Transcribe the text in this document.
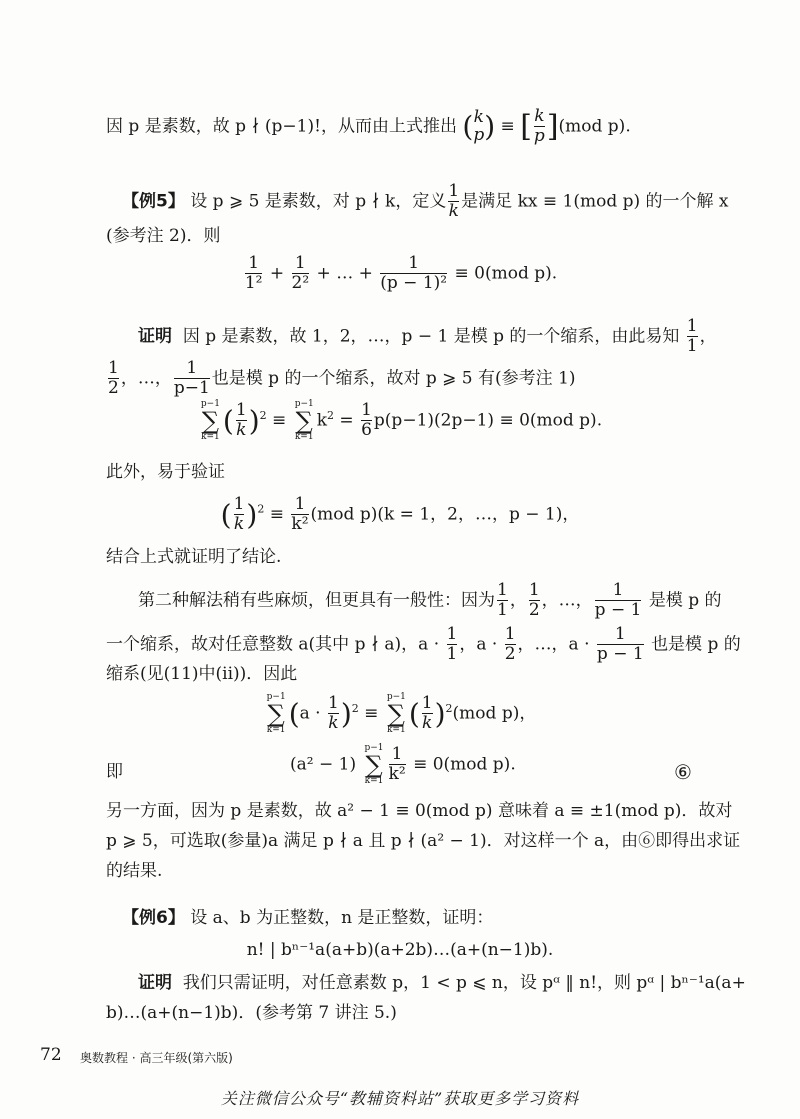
因 p 是素数，故 p ∤ (p−1)!，从而由上式推出 ( k
p ) ≡ [ $\frac{k}{p} ](mod$ p).
【例5】 设 p ⩾ 5 是素数，对 p ∤ k，定义 $\frac{1}{k}$ 是满足 kx ≡ 1(mod p) 的一个解 x
(参考注 2)．则
$\frac{1}{\text{1²}} + \frac{1}{\text{2²}}$ + … + $\frac{1}{\text{(p − 1)²}} \equiv 0(mod$ p).
证明 因 p 是素数，故 1，2，…，p − 1 是模 p 的一个缩系，由此易知 $\frac{1}{1}$ ，
$\frac{1}{2}$ ，…， $\frac{1}{p-1}$ 也是模 p 的一个缩系，故对 p ⩾ 5 有(参考注 1)
p−1
∑
k=1 ( $\frac{1}{k} )^2$ ≡
p−1
∑
k=1
$k^2 = \frac{1}{6} p(p-1)(2p-1) \equiv 0(mod$ p).
此外，易于验证
( $\frac{1}{k} )^2 \equiv \frac{1}{\text{k²}} (mod$ p)(k = 1，2，…，p − 1)，
结合上式就证明了结论.
第二种解法稍有些麻烦，但更具有一般性：因为 $\frac{1}{1}$ ， $\frac{1}{2}$ ，…， $\frac{1}{p - 1}$ 是模 p 的
一个缩系，故对任意整数 a(其中 p ∤ a)，$a \cdot \frac{1}{1}$ ，$a \cdot \frac{1}{2}$ ，…，$a \cdot \frac{1}{p - 1}$ 也是模 p 的
缩系(见(11)中(ii))．因此
p−1
∑
k=1 $(a \cdot \frac{1}{k} )^2$ ≡
p−1
∑
k=1 ( $\frac{1}{k} )^2(mod$ p)，
即	(a² − 1)
p−1
∑
$k=1 \frac{1}{\text{k²}} \equiv 0(mod$ p).	⑥
另一方面，因为 p 是素数，故 a² − 1 ≡ 0(mod p) 意味着 a ≡ ±1(mod p)．故对
p ⩾ 5，可选取(参量)a 满足 p ∤ a 且 p ∤ (a² − 1)．对这样一个 a，由⑥即得出求证
的结果.
【例6】 设 a、b 为正整数，n 是正整数，证明：
n! | bⁿ⁻¹a(a+b)(a+2b)…(a+(n−1)b).
证明 我们只需证明，对任意素数 p，1 < p ⩽ n，设 pᵅ ‖ n!，则 pᵅ | bⁿ⁻¹a(a+
b)…(a+(n−1)b)．(参考第 7 讲注 5.)
72 奥数教程 · 高三年级(第六版)
关注微信公众号“教辅资料站”获取更多学习资料
